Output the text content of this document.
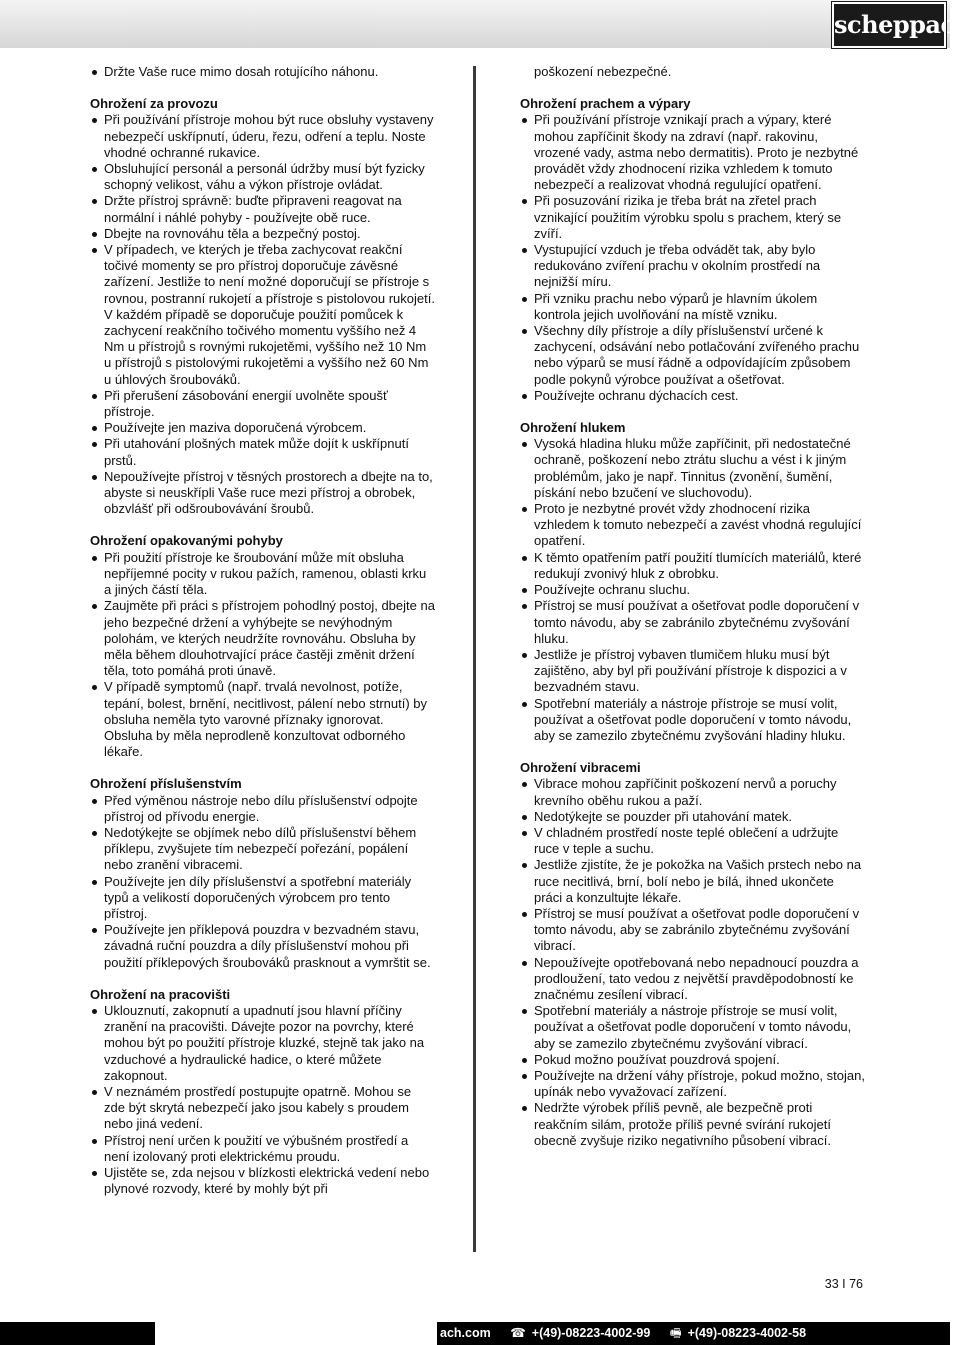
scheppach
Držte Vaše ruce mimo dosah rotujícího náhonu.
Ohrožení za provozu
Při používání přístroje mohou být ruce obsluhy vystaveny nebezpečí uskřípnutí, úderu, řezu, odření a teplu. Noste vhodné ochranné rukavice.
Obsluhující personál a personál údržby musí být fyzicky schopný velikost, váhu a výkon přístroje ovládat.
Držte přístroj správně: buďte připraveni reagovat na normální i náhlé pohyby - používejte obě ruce.
Dbejte na rovnováhu těla a bezpečný postoj.
V případech, ve kterých je třeba zachycovat reakční točivé momenty se pro přístroj doporučuje závěsné zařízení. Jestliže to není možné doporučují se přístroje s rovnou, postranní rukojetí a přístroje s pistolovou rukojetí. V každém případě se doporučuje použití pomůcek k zachycení reakčního točivého momentu vyššího než 4 Nm u přístrojů s rovnými rukojetěmi, vyššího než 10 Nm u přístrojů s pistolovými rukojetěmi a vyššího než 60 Nm u úhlových šroubováků.
Při přerušení zásobování energií uvolněte spoušť přístroje.
Používejte jen maziva doporučená výrobcem.
Při utahování plošných matek může dojít k uskřípnutí prstů.
Nepoužívejte přístroj v těsných prostorech a dbejte na to, abyste si neuskřípli Vaše ruce mezi přístroj a obrobek, obzvlášť při odšroubovávání šroubů.
Ohrožení opakovanými pohyby
Při použití přístroje ke šroubování může mít obsluha nepříjemné pocity v rukou pažích, ramenou, oblasti krku a jiných částí těla.
Zaujměte při práci s přístrojem pohodlný postoj, dbejte na jeho bezpečné držení a vyhýbejte se nevýhodným polohám, ve kterých neudržíte rovnováhu. Obsluha by měla během dlouhotrvající práce častěji změnit držení těla, toto pomáhá proti únavě.
V případě symptomů (např. trvalá nevolnost, potíže, tepání, bolest, brnění, necitlivost, pálení nebo strnutí) by obsluha neměla tyto varovné příznaky ignorovat. Obsluha by měla neprodleně konzultovat odborného lékaře.
Ohrožení příslušenstvím
Před výměnou nástroje nebo dílu příslušenství odpojte přístroj od přívodu energie.
Nedotýkejte se objímek nebo dílů příslušenství během příklepu, zvyšujete tím nebezpečí pořezání, popálení nebo zranění vibracemi.
Používejte jen díly příslušenství a spotřební materiály typů a velikostí doporučených výrobcem pro tento přístroj.
Používejte jen příklepová pouzdra v bezvadném stavu, závadná ruční pouzdra a díly příslušenství mohou při použití příklepových šroubováků prasknout a vymrštit se.
Ohrožení na pracovišti
Uklouznutí, zakopnutí a upadnutí jsou hlavní příčiny zranění na pracovišti. Dávejte pozor na povrchy, které mohou být po použití přístroje kluzké, stejně tak jako na vzduchové a hydraulické hadice, o které můžete zakopnout.
V neznámém prostředí postupujte opatrně. Mohou se zde být skrytá nebezpečí jako jsou kabely s proudem nebo jiná vedení.
Přístroj není určen k použití ve výbušném prostředí a není izolovaný proti elektrickému proudu.
Ujistěte se, zda nejsou v blízkosti elektrická vedení nebo plynové rozvody, které by mohly být při
poškození nebezpečné.
Ohrožení prachem a výpary
Při používání přístroje vznikají prach a výpary, které mohou zapříčinit škody na zdraví (např. rakovinu, vrozené vady, astma nebo dermatitis). Proto je nezbytné provádět vždy zhodnocení rizika vzhledem k tomuto nebezpečí a realizovat vhodná regulující opatření.
Při posuzování rizika je třeba brát na zřetel prach vznikající použitím výrobku spolu s prachem, který se zvíří.
Vystupující vzduch je třeba odvádět tak, aby bylo redukováno zvíření prachu v okolním prostředí na nejnižší míru.
Při vzniku prachu nebo výparů je hlavním úkolem kontrola jejich uvolňování na místě vzniku.
Všechny díly přístroje a díly příslušenství určené k zachycení, odsávání nebo potlačování zvířeného prachu nebo výparů se musí řádně a odpovídajícím způsobem podle pokynů výrobce používat a ošetřovat.
Používejte ochranu dýchacích cest.
Ohrožení hlukem
Vysoká hladina hluku může zapříčinit, při nedostatečné ochraně, poškození nebo ztrátu sluchu a vést i k jiným problémům, jako je např. Tinnitus (zvonění, šumění, pískání nebo bzučení ve sluchovodu).
Proto je nezbytné provét vždy zhodnocení rizika vzhledem k tomuto nebezpečí a zavést vhodná regulující opatření.
K těmto opatřením patří použití tlumících materiálů, které redukují zvonivý hluk z obrobku.
Používejte ochranu sluchu.
Přístroj se musí používat a ošetřovat podle doporučení v tomto návodu, aby se zabránilo zbytečnému zvyšování hluku.
Jestliže je přístroj vybaven tlumičem hluku musí být zajištěno, aby byl při používání přístroje k dispozici a v bezvadném stavu.
Spotřební materiály a nástroje přístroje se musí volit, používat a ošetřovat podle doporučení v tomto návodu, aby se zamezilo zbytečnému zvyšování hladiny hluku.
Ohrožení vibracemi
Vibrace mohou zapříčinit poškození nervů a poruchy krevního oběhu rukou a paží.
Nedotýkejte se pouzder při utahování matek.
V chladném prostředí noste teplé oblečení a udržujte ruce v teple a suchu.
Jestliže zjistíte, že je pokožka na Vašich prstech nebo na ruce necitlivá, brní, bolí nebo je bílá, ihned ukončete práci a konzultujte lékaře.
Přístroj se musí používat a ošetřovat podle doporučení v tomto návodu, aby se zabránilo zbytečnému zvyšování vibrací.
Nepoužívejte opotřebovaná nebo nepadnoucí pouzdra a prodloužení, tato vedou z největší pravděpodobností ke značnému zesílení vibrací.
Spotřební materiály a nástroje přístroje se musí volit, používat a ošetřovat podle doporučení v tomto návodu, aby se zamezilo zbytečnému zvyšování vibrací.
Pokud možno používat pouzdrová spojení.
Používejte na držení váhy přístroje, pokud možno, stojan, upínák nebo vyvažovací zařízení.
Nedržte výrobek příliš pevně, ale bezpečně proti reakčním silám, protože příliš pevné svírání rukojetí obecně zvyšuje riziko negativního působení vibrací.
33 I 76
ach.com ☎ +(49)-08223-4002-99 🖷 +(49)-08223-4002-58
